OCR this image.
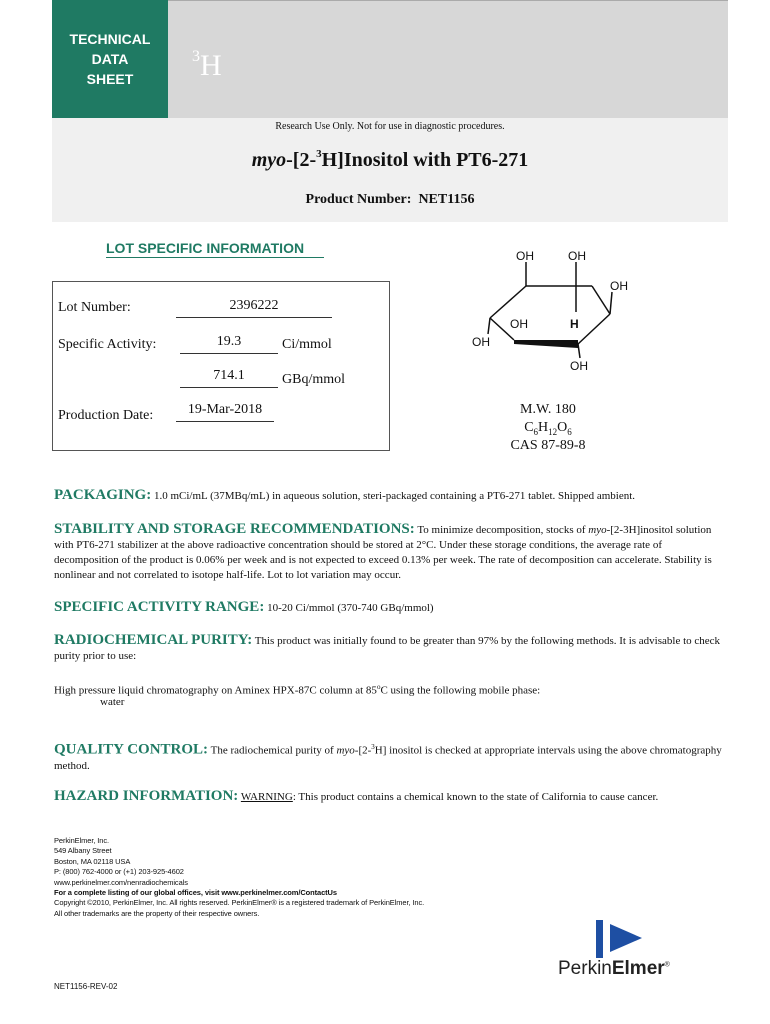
TECHNICAL
DATA
SHEET
$^3$H
Research Use Only. Not for use in diagnostic procedures.
myo-[2-$^3$H]Inositol with PT6-271
Product Number: NET1156
LOT SPECIFIC INFORMATION
Lot Number:	2396222
Specific Activity:	19.3	Ci/mmol
714.1	GBq/mmol
Production Date:	19-Mar-2018
OH	OH
OH
OH
OH
OH
H
M.W. 180
$C_6H_{12}O_6$
CAS 87-89-8
PACKAGING: 1.0 mCi/mL (37MBq/mL) in aqueous solution, steri-packaged containing a PT6-271 tablet. Shipped ambient.
STABILITY AND STORAGE RECOMMENDATIONS: To minimize decomposition, stocks of myo-[2-3H]inositol solution with PT6-271 stabilizer at the above radioactive concentration should be stored at 2°C. Under these storage conditions, the average rate of decomposition of the product is 0.06% per week and is not expected to exceed 0.13% per week. The rate of decomposition can accelerate. Stability is nonlinear and not correlated to isotope half-life. Lot to lot variation may occur.
SPECIFIC ACTIVITY RANGE: 10-20 Ci/mmol (370-740 GBq/mmol)
RADIOCHEMICAL PURITY: This product was initially found to be greater than 97% by the following methods. It is advisable to check purity prior to use:
High pressure liquid chromatography on Aminex HPX-87C column at 85$^o$C using the following mobile phase:
water
QUALITY CONTROL: The radiochemical purity of myo-[2-$^3$H] inositol is checked at appropriate intervals using the above chromatography method.
HAZARD INFORMATION: WARNING: This product contains a chemical known to the state of California to cause cancer.
PerkinElmer, Inc.
549 Albany Street
Boston, MA 02118 USA
P: (800) 762-4000 or (+1) 203-925-4602
www.perkinelmer.com/nenradiochemicals
For a complete listing of our global offices, visit www.perkinelmer.com/ContactUs
Copyright ©2010, PerkinElmer, Inc. All rights reserved. PerkinElmer® is a registered trademark of PerkinElmer, Inc.
All other trademarks are the property of their respective owners.
NET1156-REV-02
PerkinElmer®
